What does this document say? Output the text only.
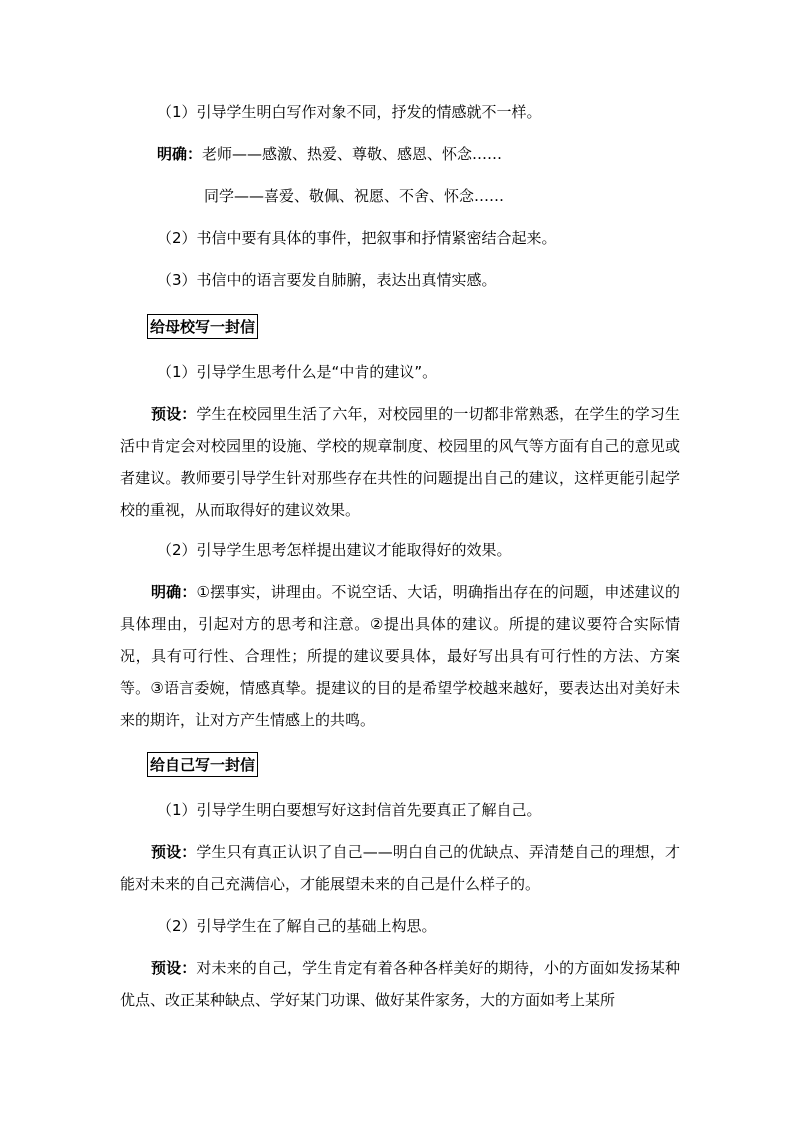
（1）引导学生明白写作对象不同，抒发的情感就不一样。
明确：老师——感激、热爱、尊敬、感恩、怀念……
同学——喜爱、敬佩、祝愿、不舍、怀念……
（2）书信中要有具体的事件，把叙事和抒情紧密结合起来。
（3）书信中的语言要发自肺腑，表达出真情实感。
给母校写一封信
（1）引导学生思考什么是“中肯的建议”。
预设：学生在校园里生活了六年，对校园里的一切都非常熟悉，在学生的学习生活中肯定会对校园里的设施、学校的规章制度、校园里的风气等方面有自己的意见或者建议。教师要引导学生针对那些存在共性的问题提出自己的建议，这样更能引起学校的重视，从而取得好的建议效果。
（2）引导学生思考怎样提出建议才能取得好的效果。
明确：①摆事实，讲理由。不说空话、大话，明确指出存在的问题，申述建议的具体理由，引起对方的思考和注意。②提出具体的建议。所提的建议要符合实际情况，具有可行性、合理性；所提的建议要具体，最好写出具有可行性的方法、方案等。③语言委婉，情感真挚。提建议的目的是希望学校越来越好，要表达出对美好未来的期许，让对方产生情感上的共鸣。
给自己写一封信
（1）引导学生明白要想写好这封信首先要真正了解自己。
预设：学生只有真正认识了自己——明白自己的优缺点、弄清楚自己的理想，才能对未来的自己充满信心，才能展望未来的自己是什么样子的。
（2）引导学生在了解自己的基础上构思。
预设：对未来的自己，学生肯定有着各种各样美好的期待，小的方面如发扬某种优点、改正某种缺点、学好某门功课、做好某件家务，大的方面如考上某所
